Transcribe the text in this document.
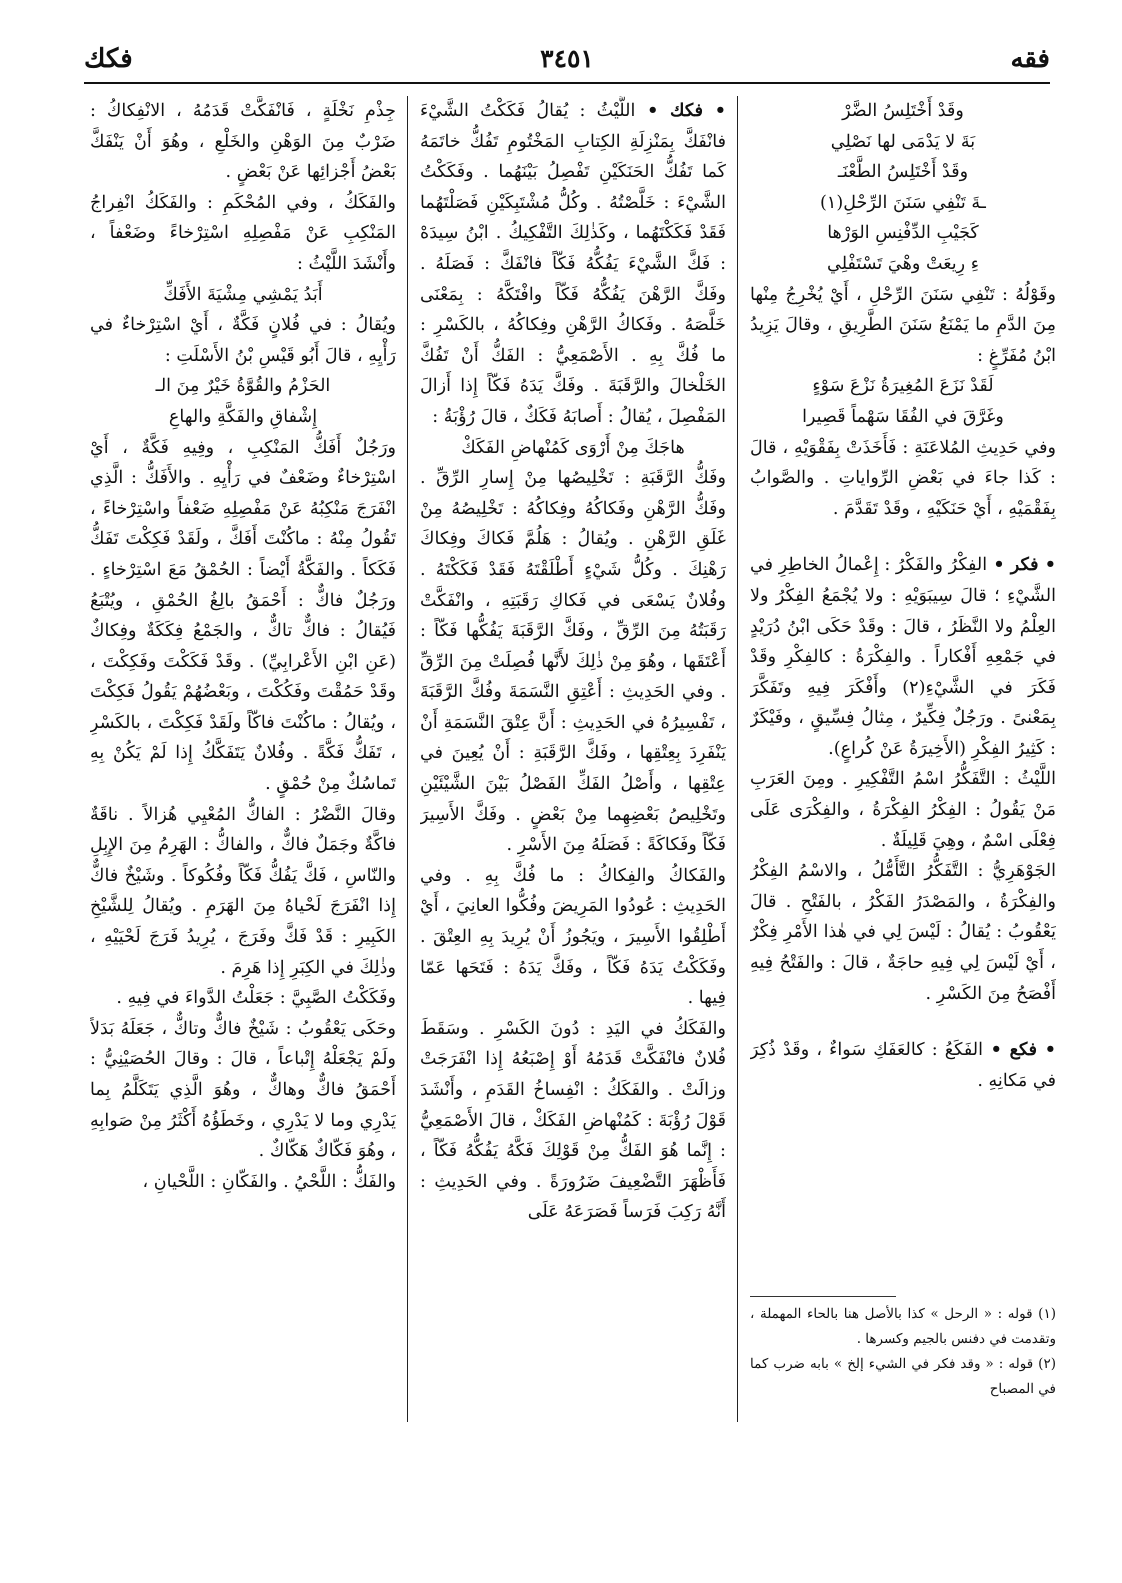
فقه
٣٤٥١
فكك

وقَدْ أَخْتَلِسُ الضَّرْ

بَةَ لا يَدْمَى لها نَصْلِي

وقَدْ أَخْتَلِسُ الطَّعْنَـ

ـةَ تَنْفِي سَنَنَ الرِّحْلِ(١)

كَجَيْبِ الدِّفْنِسِ الوَرْها

ءِ رِيعَتْ وهْيَ تَسْتَفْلِي

وقَوْلُهُ : تَنْفِي سَنَنَ الرِّحْلِ ، أَيْ يُخْرِجُ مِنْها مِنَ الدَّمِ ما يَمْنَعُ سَنَنَ الطَّرِيقِ ، وقالَ يَزِيدُ ابْنُ مُفَرِّغٍ :

لَقَدْ نَزَعَ المُغِيرَةُ نَزْعَ سَوْءٍ

وغَرَّقَ في الفُقَا سَهْماً قَصِيرا

وفي حَدِيثِ المُلاعَنَةِ : فَأَخَذَتْ بِفَقْوَيْهِ ، قالَ : كَذا جاءَ في بَعْضِ الرِّواياتِ . والصَّوابُ بِفَقْمَيْهِ ، أَيْ حَنَكَيْهِ ، وقَدْ تَقَدَّمَ .

• فكر • الفِكْرُ والفَكْرُ : إِعْمالُ الخاطِرِ في الشَّيْءِ ؛ قالَ سِيبَوَيْهِ : ولا يُجْمَعُ الفِكْرُ ولا العِلْمُ ولا النَّظَرُ ، قالَ : وقَدْ حَكَى ابْنُ دُرَيْدٍ في جَمْعِهِ أَفْكاراً . والفِكْرَةُ : كالفِكْرِ وقَدْ فَكَرَ في الشَّيْءِ(٢) وأَفْكَرَ فِيهِ وتَفَكَّرَ بِمَعْنىً . ورَجُلٌ فِكِّيرٌ ، مِثالُ فِسِّيقٍ ، وفَيْكَرٌ : كَثِيرُ الفِكْرِ (الأَخِيرَةُ عَنْ كُراعٍ).

اللَّيْثُ : التَّفَكُّرُ اسْمُ التَّفْكِيرِ . ومِنَ العَرَبِ مَنْ يَقُولُ : الفِكْرُ الفِكْرَةُ ، والفِكْرَى عَلَى فِعْلَى اسْمٌ ، وهِيَ قَلِيلَةٌ .

الجَوْهَرِيُّ : التَّفَكُّرُ التَّأَمُّلُ ، والاسْمُ الفِكْرُ والفِكْرَةُ ، والمَصْدَرُ الفَكْرُ ، بالفَتْحِ . قالَ يَعْقُوبُ : يُقالُ : لَيْسَ لِي في هٰذا الأَمْرِ فِكْرٌ ، أَيْ لَيْسَ لِي فِيهِ حاجَةٌ ، قالَ : والفَتْحُ فِيهِ أَفْصَحُ مِنَ الكَسْرِ .

• فكع • الفَكَعُ : كالعَفَكِ سَواءٌ ، وقَدْ ذُكِرَ في مَكانِهِ .

• فكك • اللَّيْثُ : يُقالُ فَكَكْتُ الشَّيْءَ فانْفَكَّ بِمَنْزِلَةِ الكِتابِ المَخْتُومِ تَفُكُّ خاتَمَهُ كَما تَفُكُّ الحَنَكَيْنِ تَفْصِلُ بَيْنَهُما . وفَكَكْتُ الشَّيْءَ : خَلَّصْتُهُ . وكُلُّ مُشْتَبِكَيْنِ فَصَلْتَهُما فَقَدْ فَكَكْتَهُما ، وكَذٰلِكَ التَّفْكِيكُ . ابْنُ سِيدَهْ : فَكَّ الشَّيْءَ يَفُكُّهُ فَكّاً فانْفَكَّ : فَصَلَهُ . وفَكَّ الرَّهْنَ يَفُكُّهُ فَكّاً وافْتَكَّهُ : بِمَعْنَى خَلَّصَهُ . وفَكاكُ الرَّهْنِ وفِكاكُهُ ، بالكَسْرِ : ما فُكَّ بِهِ . الأَصْمَعِيُّ : الفَكُّ أَنْ تَفُكَّ الخَلْخالَ والرَّقَبَةَ . وفَكَّ يَدَهُ فَكّاً إِذا أَزالَ المَفْصِلَ ، يُقالُ : أَصابَهُ فَكَكٌ ، قالَ رُؤْبَةُ :

هاجَكَ مِنْ أَرْوَى كَمُنْهاضِ الفَكَكْ

وفَكُّ الرَّقَبَةِ : تَخْلِيصُها مِنْ إِسارِ الرِّقِّ . وفَكُّ الرَّهْنِ وفَكاكُهُ وفِكاكُهُ : تَخْلِيصُهُ مِنْ غَلَقِ الرَّهْنِ . ويُقالُ : هَلُمَّ فَكاكَ وفِكاكَ رَهْنِكَ . وكُلُّ شَيْءٍ أَطْلَقْتَهُ فَقَدْ فَكَكْتَهُ . وفُلانٌ يَسْعَى في فَكاكِ رَقَبَتِهِ ، وانْفَكَّتْ رَقَبَتُهُ مِنَ الرِّقِّ ، وفَكَّ الرَّقَبَةَ يَفُكُّها فَكّاً : أَعْتَقَها ، وهُوَ مِنْ ذٰلِكَ لأَنَّها فُصِلَتْ مِنَ الرِّقِّ . وفي الحَدِيثِ : أَعْتِقِ النَّسَمَةَ وفُكَّ الرَّقَبَةَ ، تَفْسِيرُهُ في الحَدِيثِ : أَنَّ عِتْقَ النَّسَمَةِ أَنْ يَنْفَرِدَ بِعِتْقِها ، وفَكَّ الرَّقَبَةِ : أَنْ يُعِينَ في عِتْقِها ، وأَصْلُ الفَكِّ الفَصْلُ بَيْنَ الشَّيْئَيْنِ وتَخْلِيصُ بَعْضِهِما مِنْ بَعْضٍ . وفَكَّ الأَسِيرَ فَكّاً وفَكاكَةً : فَصَلَهُ مِنَ الأَسْرِ .

والفَكاكُ والفِكاكُ : ما فُكَّ بِهِ . وفي الحَدِيثِ : عُودُوا المَرِيضَ وفُكُّوا العانِيَ ، أَيْ أَطْلِقُوا الأَسِيرَ ، ويَجُوزُ أَنْ يُرِيدَ بِهِ العِتْقَ . وفَكَكْتُ يَدَهُ فَكّاً ، وفَكَّ يَدَهُ : فَتَحَها عَمّا فِيها .

والفَكَكُ في اليَدِ : دُونَ الكَسْرِ . وسَقَطَ فُلانٌ فانْفَكَّتْ قَدَمُهُ أَوْ إِصْبَعُهُ إِذا انْفَرَجَتْ وزالَتْ . والفَكَكُ : انْفِساخُ القَدَمِ ، وأَنْشَدَ قَوْلَ رُؤْبَةَ : كَمُنْهاضِ الفَكَكْ ، قالَ الأَصْمَعِيُّ : إِنَّما هُوَ الفَكُّ مِنْ قَوْلِكَ فَكَّهُ يَفُكُّهُ فَكّاً ، فَأَظْهَرَ التَّضْعِيفَ ضَرُورَةً . وفي الحَدِيثِ : أَنَّهُ رَكِبَ فَرَساً فَصَرَعَهُ عَلَى

جِذْمِ نَخْلَةٍ ، فَانْفَكَّتْ قَدَمُهُ ، الانْفِكاكُ : ضَرْبٌ مِنَ الوَهْنِ والخَلْعِ ، وهُوَ أَنْ يَنْفَكَّ بَعْضُ أَجْزائِها عَنْ بَعْضٍ .

والفَكَكُ ، وفي المُحْكَمِ : والفَكَكُ انْفِراجُ المَنْكِبِ عَنْ مَفْصِلِهِ اسْتِرْخاءً وضَعْفاً ، وأَنْشَدَ اللَّيْثُ :

أَبَدُ يَمْشِي مِشْيَةَ الأَفَكِّ

ويُقالُ : في فُلانٍ فَكَّةٌ ، أَيْ اسْتِرْخاءٌ في رَأْيِهِ ، قالَ أَبُو قَيْسِ بْنُ الأَسْلَتِ :

الحَزْمُ والقُوَّةُ خَيْرٌ مِنَ الـ

إِشْفاقِ والفَكَّةِ والهاعِ

ورَجُلٌ أَفَكُّ المَنْكِبِ ، وفِيهِ فَكَّةٌ ، أَيْ اسْتِرْخاءٌ وضَعْفٌ في رَأْيِهِ . والأَفَكُّ : الَّذِي انْفَرَجَ مَنْكِبُهُ عَنْ مَفْصِلِهِ ضَعْفاً واسْتِرْخاءً ، تَقُولُ مِنْهُ : ماكُنْتَ أَفَكَّ ، ولَقَدْ فَكِكْتَ تَفَكُّ فَكَكاً . والفَكَّةُ أَيْضاً : الحُمْقُ مَعَ اسْتِرْخاءٍ . ورَجُلٌ فاكٌّ : أَحْمَقُ بالِغُ الحُمْقِ ، ويُتْبَعُ فَيُقالُ : فاكٌّ تاكٌّ ، والجَمْعُ فِكَكَةٌ وفِكاكٌ (عَنِ ابْنِ الأَعْرابِيِّ) . وقَدْ فَكَكْتَ وفَكِكْتَ ، وقَدْ حَمُقْتَ وفَكُكْتَ ، وبَعْضُهُمْ يَقُولُ فَكِكْتَ ، ويُقالُ : ماكُنْتَ فاكّاً ولَقَدْ فَكِكْتَ ، بالكَسْرِ ، تَفَكُّ فَكَّةً . وفُلانٌ يَتَفَكَّكُ إِذا لَمْ يَكُنْ بِهِ تَماسُكٌ مِنْ حُمْقٍ .

وقالَ النَّضْرُ : الفاكُّ المُعْيِي هُزالاً . ناقَةٌ فاكَّةٌ وجَمَلٌ فاكٌّ ، والفاكُّ : الهَرِمُ مِنَ الإِبِلِ والنّاسِ ، فَكَّ يَفُكُّ فَكّاً وفُكُوكاً . وشَيْخٌ فاكٌّ إِذا انْفَرَجَ لَحْياهُ مِنَ الهَرَمِ . ويُقالُ لِلشَّيْخِ الكَبِيرِ : قَدْ فَكَّ وفَرَجَ ، يُرِيدُ فَرَجَ لَحْيَيْهِ ، وذٰلِكَ في الكِبَرِ إِذا هَرِمَ .

وفَكَكْتُ الصَّبِيَّ : جَعَلْتُ الدَّواءَ في فِيهِ .

وحَكَى يَعْقُوبُ : شَيْخٌ فاكٌّ وتاكٌّ ، جَعَلَهُ بَدَلاً ولَمْ يَجْعَلْهُ إِتْباعاً ، قالَ : وقالَ الحُصَيْنِيُّ : أَحْمَقُ فاكٌّ وهاكٌّ ، وهُوَ الَّذِي يَتَكَلَّمُ بِما يَدْرِي وما لا يَدْرِي ، وخَطَؤُهُ أَكْثَرُ مِنْ صَوابِهِ ، وهُوَ فَكّاكٌ هَكّاكٌ .

والفَكُّ : اللَّحْيُ . والفَكّانِ : اللَّحْيانِ ،

(١) قوله : « الرحل » كذا بالأصل هنا بالحاء المهملة ، وتقدمت في دفنس بالجيم وكسرها .

(٢) قوله : « وقد فكر في الشيء إلخ » بابه ضرب كما في المصباح
